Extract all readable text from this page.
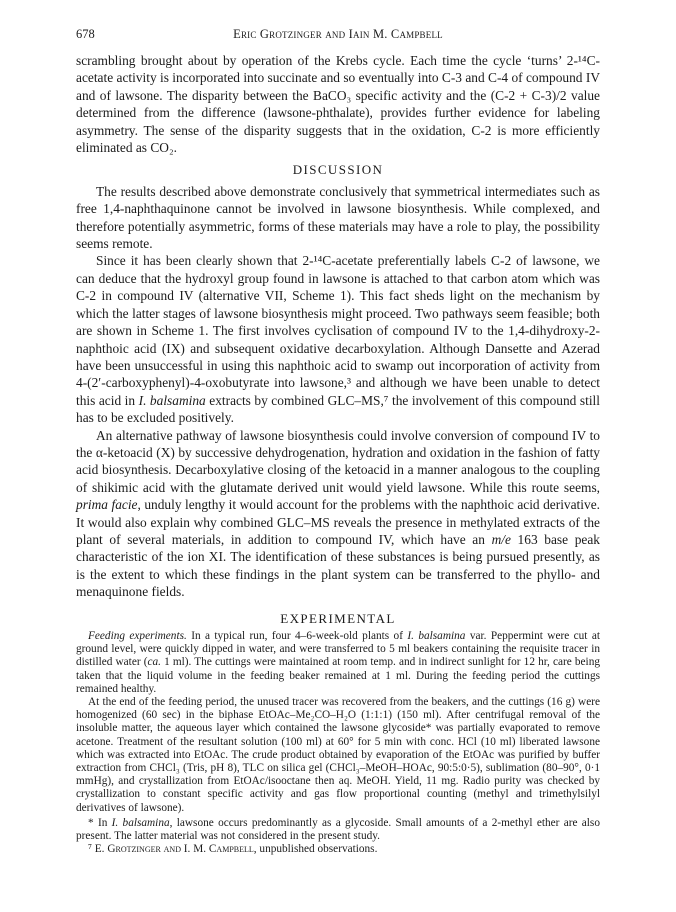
678	Eric Grotzinger and Iain M. Campbell

scrambling brought about by operation of the Krebs cycle. Each time the cycle ‘turns’ 2-¹⁴C-acetate activity is incorporated into succinate and so eventually into C-3 and C-4 of compound IV and of lawsone. The disparity between the BaCO₃ specific activity and the (C-2 + C-3)/2 value determined from the difference (lawsone-phthalate), provides further evidence for labeling asymmetry. The sense of the disparity suggests that in the oxidation, C-2 is more efficiently eliminated as CO₂.

DISCUSSION

The results described above demonstrate conclusively that symmetrical intermediates such as free 1,4-naphthaquinone cannot be involved in lawsone biosynthesis. While complexed, and therefore potentially asymmetric, forms of these materials may have a role to play, the possibility seems remote.

Since it has been clearly shown that 2-¹⁴C-acetate preferentially labels C-2 of lawsone, we can deduce that the hydroxyl group found in lawsone is attached to that carbon atom which was C-2 in compound IV (alternative VII, Scheme 1). This fact sheds light on the mechanism by which the latter stages of lawsone biosynthesis might proceed. Two pathways seem feasible; both are shown in Scheme 1. The first involves cyclisation of compound IV to the 1,4-dihydroxy-2-naphthoic acid (IX) and subsequent oxidative decarboxylation. Although Dansette and Azerad have been unsuccessful in using this naphthoic acid to swamp out incorporation of activity from 4-(2′-carboxyphenyl)-4-oxobutyrate into lawsone,³ and although we have been unable to detect this acid in I. balsamina extracts by combined GLC–MS,⁷ the involvement of this compound still has to be excluded positively.

An alternative pathway of lawsone biosynthesis could involve conversion of compound IV to the α-ketoacid (X) by successive dehydrogenation, hydration and oxidation in the fashion of fatty acid biosynthesis. Decarboxylative closing of the ketoacid in a manner analogous to the coupling of shikimic acid with the glutamate derived unit would yield lawsone. While this route seems, prima facie, unduly lengthy it would account for the problems with the naphthoic acid derivative. It would also explain why combined GLC–MS reveals the presence in methylated extracts of the plant of several materials, in addition to compound IV, which have an m/e 163 base peak characteristic of the ion XI. The identification of these substances is being pursued presently, as is the extent to which these findings in the plant system can be transferred to the phyllo- and menaquinone fields.

EXPERIMENTAL

Feeding experiments. In a typical run, four 4–6-week-old plants of I. balsamina var. Peppermint were cut at ground level, were quickly dipped in water, and were transferred to 5 ml beakers containing the requisite tracer in distilled water (ca. 1 ml). The cuttings were maintained at room temp. and in indirect sunlight for 12 hr, care being taken that the liquid volume in the feeding beaker remained at 1 ml. During the feeding period the cuttings remained healthy.

At the end of the feeding period, the unused tracer was recovered from the beakers, and the cuttings (16 g) were homogenized (60 sec) in the biphase EtOAc–Me₂CO–H₂O (1:1:1) (150 ml). After centrifugal removal of the insoluble matter, the aqueous layer which contained the lawsone glycoside* was partially evaporated to remove acetone. Treatment of the resultant solution (100 ml) at 60° for 5 min with conc. HCl (10 ml) liberated lawsone which was extracted into EtOAc. The crude product obtained by evaporation of the EtOAc was purified by buffer extraction from CHCl₃ (Tris, pH 8), TLC on silica gel (CHCl₃–MeOH–HOAc, 90:5:0·5), sublimation (80–90°, 0·1 mmHg), and crystallization from EtOAc/isooctane then aq. MeOH. Yield, 11 mg. Radio purity was checked by crystallization to constant specific activity and gas flow proportional counting (methyl and trimethylsilyl derivatives of lawsone).

* In I. balsamina, lawsone occurs predominantly as a glycoside. Small amounts of a 2-methyl ether are also present. The latter material was not considered in the present study.

⁷ E. Grotzinger and I. M. Campbell, unpublished observations.
